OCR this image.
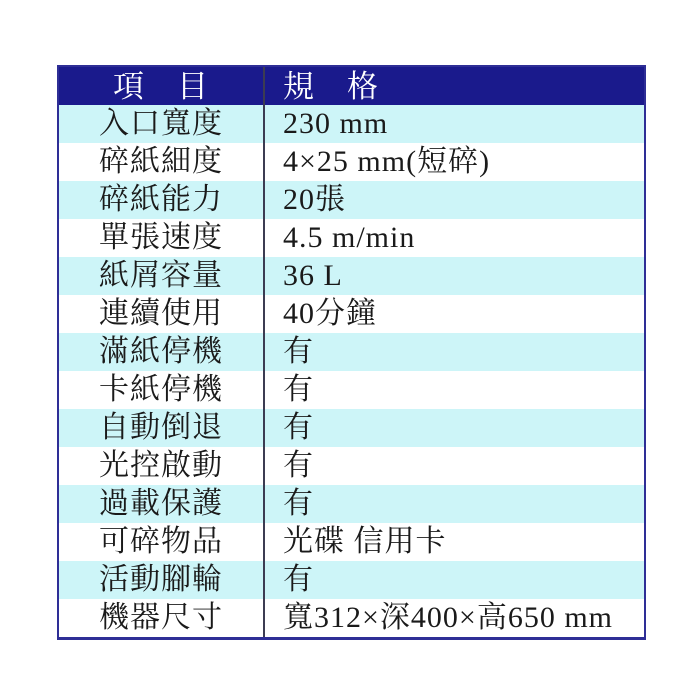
項　目	規　格
入口寬度	230 mm
碎紙細度	4×25 mm(短碎)
碎紙能力	20張
單張速度	4.5 m/min
紙屑容量	36 L
連續使用	40分鐘
滿紙停機	有
卡紙停機	有
自動倒退	有
光控啟動	有
過載保護	有
可碎物品	光碟 信用卡
活動腳輪	有
機器尺寸	寬312×深400×高650 mm
